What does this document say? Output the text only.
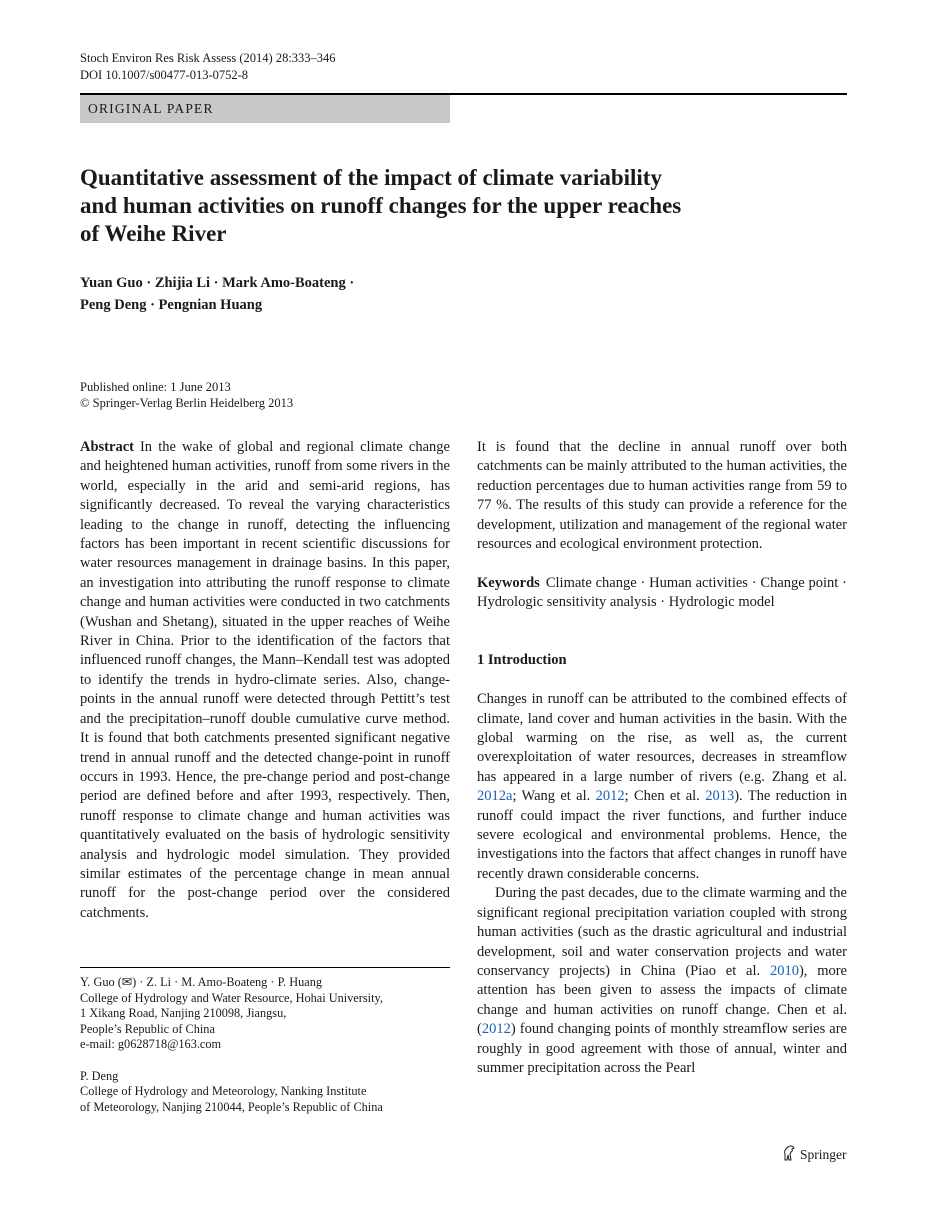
Stoch Environ Res Risk Assess (2014) 28:333–346
DOI 10.1007/s00477-013-0752-8
ORIGINAL PAPER
Quantitative assessment of the impact of climate variability
and human activities on runoff changes for the upper reaches
of Weihe River
Yuan Guo · Zhijia Li · Mark Amo-Boateng ·
Peng Deng · Pengnian Huang
Published online: 1 June 2013
© Springer-Verlag Berlin Heidelberg 2013

Abstract In the wake of global and regional climate change and heightened human activities, runoff from some rivers in the world, especially in the arid and semi-arid regions, has significantly decreased. To reveal the varying characteristics leading to the change in runoff, detecting the influencing factors has been important in recent scientific discussions for water resources management in drainage basins. In this paper, an investigation into attributing the runoff response to climate change and human activities were conducted in two catchments (Wushan and Shetang), situated in the upper reaches of Weihe River in China. Prior to the identification of the factors that influenced runoff changes, the Mann–Kendall test was adopted to identify the trends in hydro-climate series. Also, change-points in the annual runoff were detected through Pettitt’s test and the precipitation–runoff double cumulative curve method. It is found that both catchments presented significant negative trend in annual runoff and the detected change-point in runoff occurs in 1993. Hence, the pre-change period and post-change period are defined before and after 1993, respectively. Then, runoff response to climate change and human activities was quantitatively evaluated on the basis of hydrologic sensitivity analysis and hydrologic model simulation. They provided similar estimates of the percentage change in mean annual runoff for the post-change period over the considered catchments.

Y. Guo (✉) · Z. Li · M. Amo-Boateng · P. Huang
College of Hydrology and Water Resource, Hohai University,
1 Xikang Road, Nanjing 210098, Jiangsu,
People’s Republic of China
e-mail: g0628718@163.com
P. Deng
College of Hydrology and Meteorology, Nanking Institute
of Meteorology, Nanjing 210044, People’s Republic of China

It is found that the decline in annual runoff over both catchments can be mainly attributed to the human activities, the reduction percentages due to human activities range from 59 to 77 %. The results of this study can provide a reference for the development, utilization and management of the regional water resources and ecological environment protection.

Keywords Climate change · Human activities · Change point · Hydrologic sensitivity analysis · Hydrologic model

1 Introduction

Changes in runoff can be attributed to the combined effects of climate, land cover and human activities in the basin. With the global warming on the rise, as well as, the current overexploitation of water resources, decreases in streamflow has appeared in a large number of rivers (e.g. Zhang et al. 2012a; Wang et al. 2012; Chen et al. 2013). The reduction in runoff could impact the river functions, and further induce severe ecological and environmental problems. Hence, the investigations into the factors that affect changes in runoff have recently drawn considerable concerns.

During the past decades, due to the climate warming and the significant regional precipitation variation coupled with strong human activities (such as the drastic agricultural and industrial development, soil and water conservation projects and water conservancy projects) in China (Piao et al. 2010), more attention has been given to assess the impacts of climate change and human activities on runoff change. Chen et al. (2012) found changing points of monthly streamflow series are roughly in good agreement with those of annual, winter and summer precipitation across the Pearl

Springer
